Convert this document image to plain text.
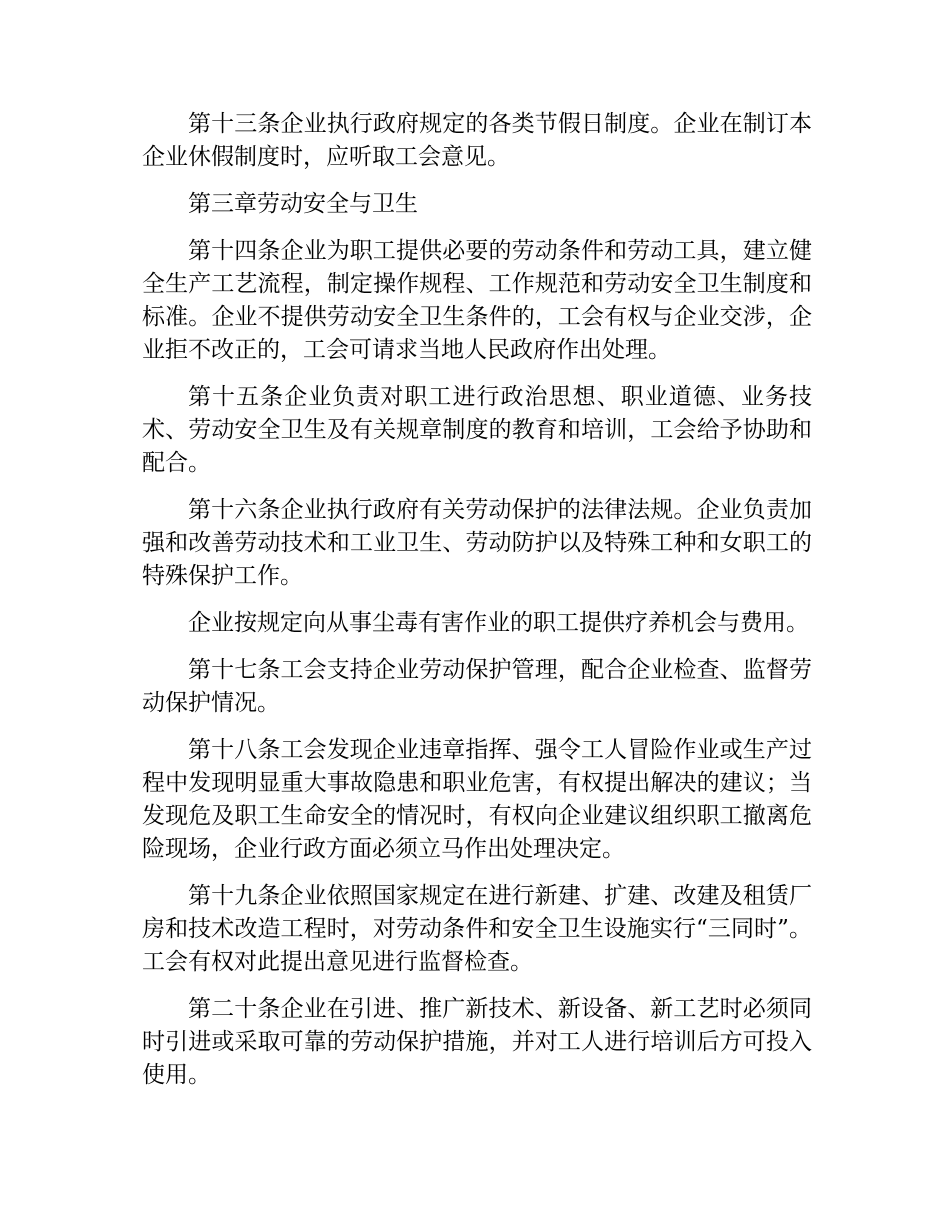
第十三条企业执行政府规定的各类节假日制度。企业在制订本企业休假制度时，应听取工会意见。

第三章劳动安全与卫生

第十四条企业为职工提供必要的劳动条件和劳动工具，建立健全生产工艺流程，制定操作规程、工作规范和劳动安全卫生制度和标准。企业不提供劳动安全卫生条件的，工会有权与企业交涉，企业拒不改正的，工会可请求当地人民政府作出处理。

第十五条企业负责对职工进行政治思想、职业道德、业务技术、劳动安全卫生及有关规章制度的教育和培训，工会给予协助和配合。

第十六条企业执行政府有关劳动保护的法律法规。企业负责加强和改善劳动技术和工业卫生、劳动防护以及特殊工种和女职工的特殊保护工作。

企业按规定向从事尘毒有害作业的职工提供疗养机会与费用。

第十七条工会支持企业劳动保护管理，配合企业检查、监督劳动保护情况。

第十八条工会发现企业违章指挥、强令工人冒险作业或生产过程中发现明显重大事故隐患和职业危害，有权提出解决的建议；当发现危及职工生命安全的情况时，有权向企业建议组织职工撤离危险现场，企业行政方面必须立马作出处理决定。

第十九条企业依照国家规定在进行新建、扩建、改建及租赁厂房和技术改造工程时，对劳动条件和安全卫生设施实行“三同时”。工会有权对此提出意见进行监督检查。

第二十条企业在引进、推广新技术、新设备、新工艺时必须同时引进或采取可靠的劳动保护措施，并对工人进行培训后方可投入使用。
